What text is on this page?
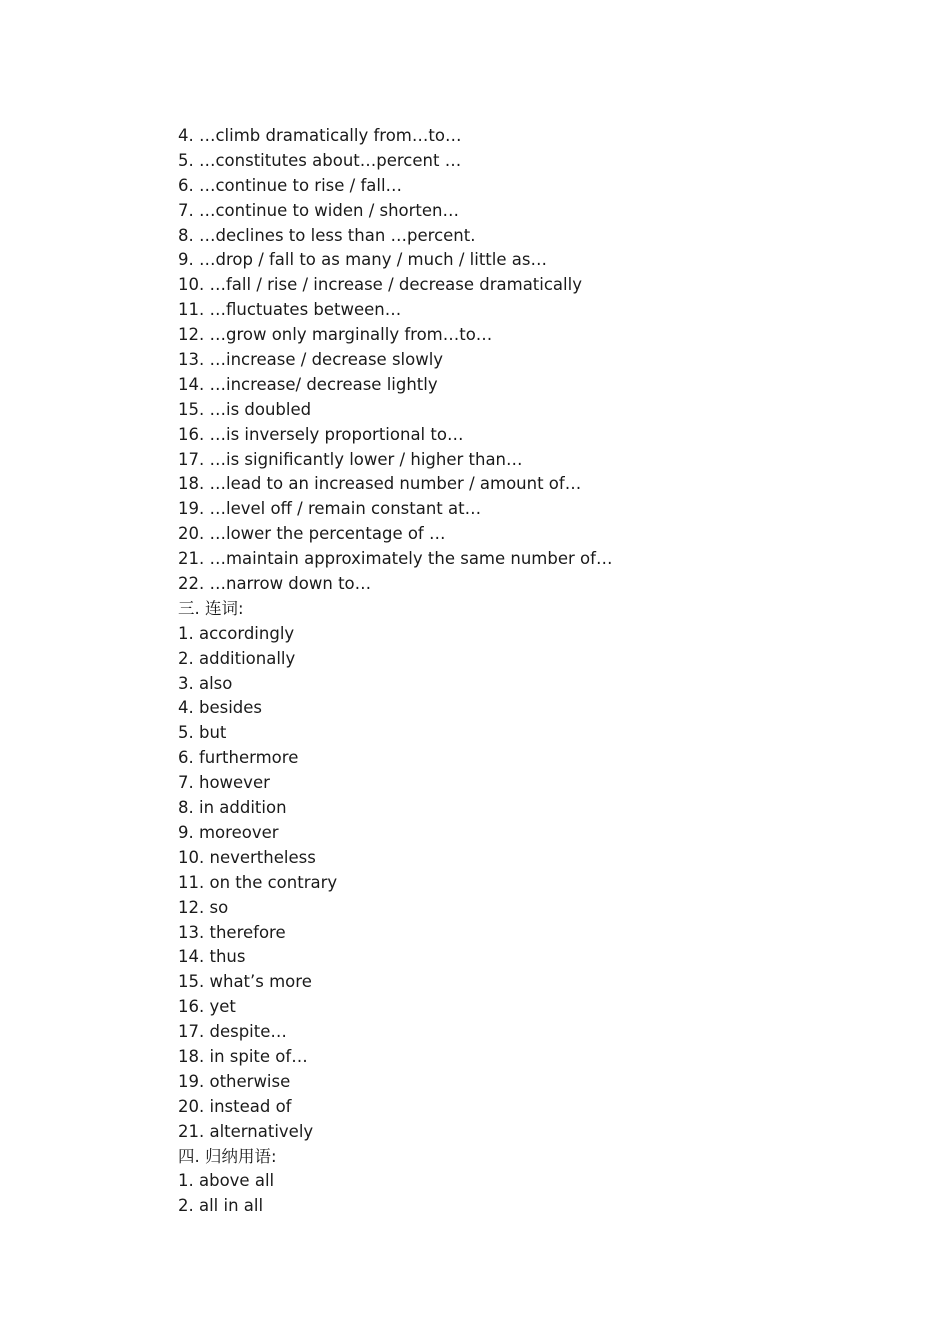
4. …climb dramatically from…to…
5. …constitutes about…percent …
6. …continue to rise / fall…
7. …continue to widen / shorten…
8. …declines to less than …percent.
9. …drop / fall to as many / much / little as…
10. …fall / rise / increase / decrease dramatically
11. …fluctuates between…
12. …grow only marginally from…to…
13. …increase / decrease slowly
14. …increase/ decrease lightly
15. …is doubled
16. …is inversely proportional to…
17. …is significantly lower / higher than…
18. …lead to an increased number / amount of…
19. …level off / remain constant at…
20. …lower the percentage of …
21. …maintain approximately the same number of…
22. …narrow down to…
三. 连词:
1. accordingly
2. additionally
3. also
4. besides
5. but
6. furthermore
7. however
8. in addition
9. moreover
10. nevertheless
11. on the contrary
12. so
13. therefore
14. thus
15. what’s more
16. yet
17. despite…
18. in spite of…
19. otherwise
20. instead of
21. alternatively
四. 归纳用语:
1. above all
2. all in all
